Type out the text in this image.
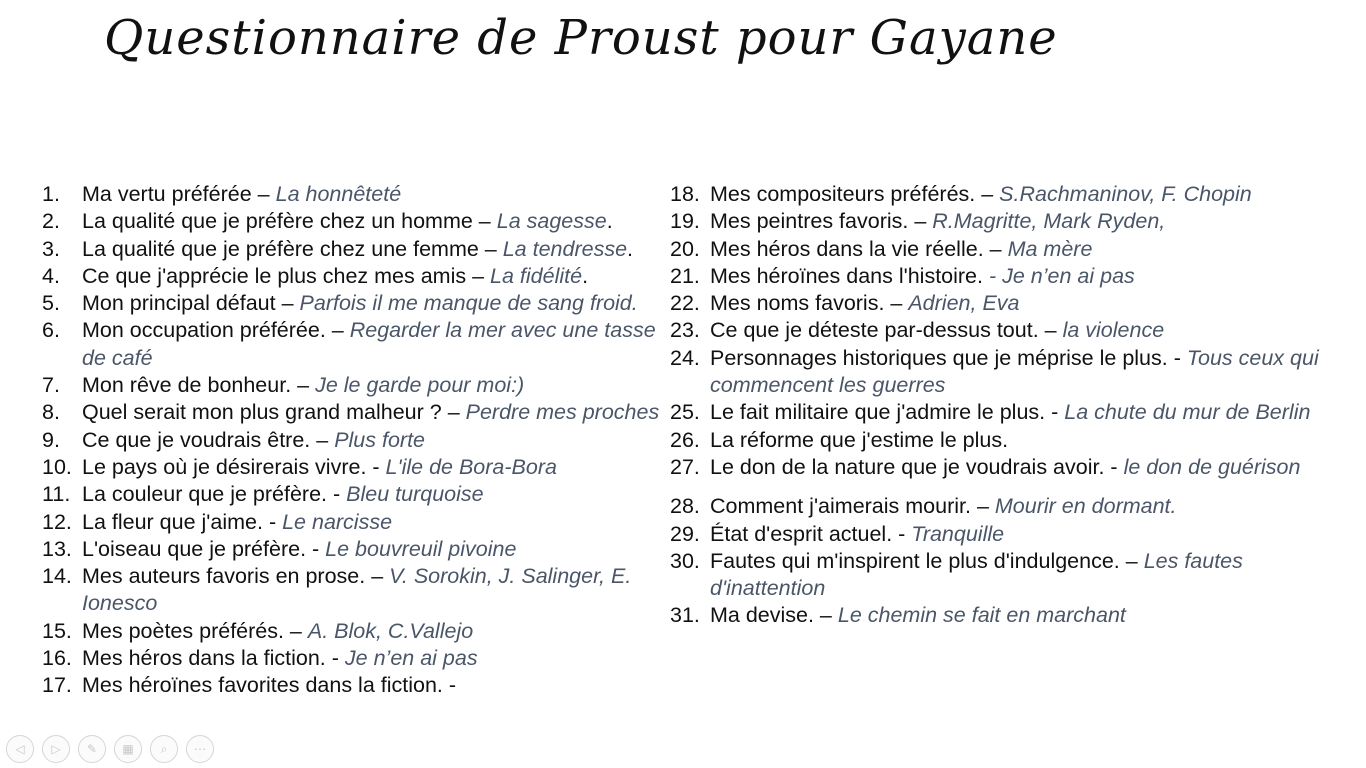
Questionnaire de Proust pour Gayane
1.	Ma vertu préférée – La honnêteté
2.	La qualité que je préfère chez un homme – La sagesse.
3.	La qualité que je préfère chez une femme – La tendresse.
4.	Ce que j'apprécie le plus chez mes amis – La fidélité.
5.	Mon principal défaut – Parfois il me manque de sang froid.
6.	Mon occupation préférée. – Regarder la mer avec une tasse de café
7.	Mon rêve de bonheur. – Je le garde pour moi:)
8.	Quel serait mon plus grand malheur ? – Perdre mes proches
9.	Ce que je voudrais être. – Plus forte
10. Le pays où je désirerais vivre. - L'ile de Bora-Bora
11. La couleur que je préfère. - Bleu turquoise
12. La fleur que j'aime. - Le narcisse
13. L'oiseau que je préfère. - Le bouvreuil pivoine
14. Mes auteurs favoris en prose. – V. Sorokin, J. Salinger, E. Ionesco
15. Mes poètes préférés. – A. Blok, C.Vallejo
16. Mes héros dans la fiction. - Je n’en ai pas
17. Mes héroïnes favorites dans la fiction. -
18. Mes compositeurs préférés. – S.Rachmaninov, F. Chopin
19. Mes peintres favoris. – R.Magritte, Mark Ryden,
20. Mes héros dans la vie réelle. – Ma mère
21. Mes héroïnes dans l'histoire. - Je n’en ai pas
22. Mes noms favoris. – Adrien, Eva
23. Ce que je déteste par-dessus tout. – la violence
24. Personnages historiques que je méprise le plus. - Tous ceux qui commencent les guerres
25. Le fait militaire que j'admire le plus. - La chute du mur de Berlin
26. La réforme que j'estime le plus.
27. Le don de la nature que je voudrais avoir. - le don de guérison
28. Comment j'aimerais mourir. – Mourir en dormant.
29. État d'esprit actuel. - Tranquille
30. Fautes qui m'inspirent le plus d'indulgence. – Les fautes d'inattention
31. Ma devise. – Le chemin se fait en marchant
◁ ▷ ✎ ▦ ⌕ ⋯
